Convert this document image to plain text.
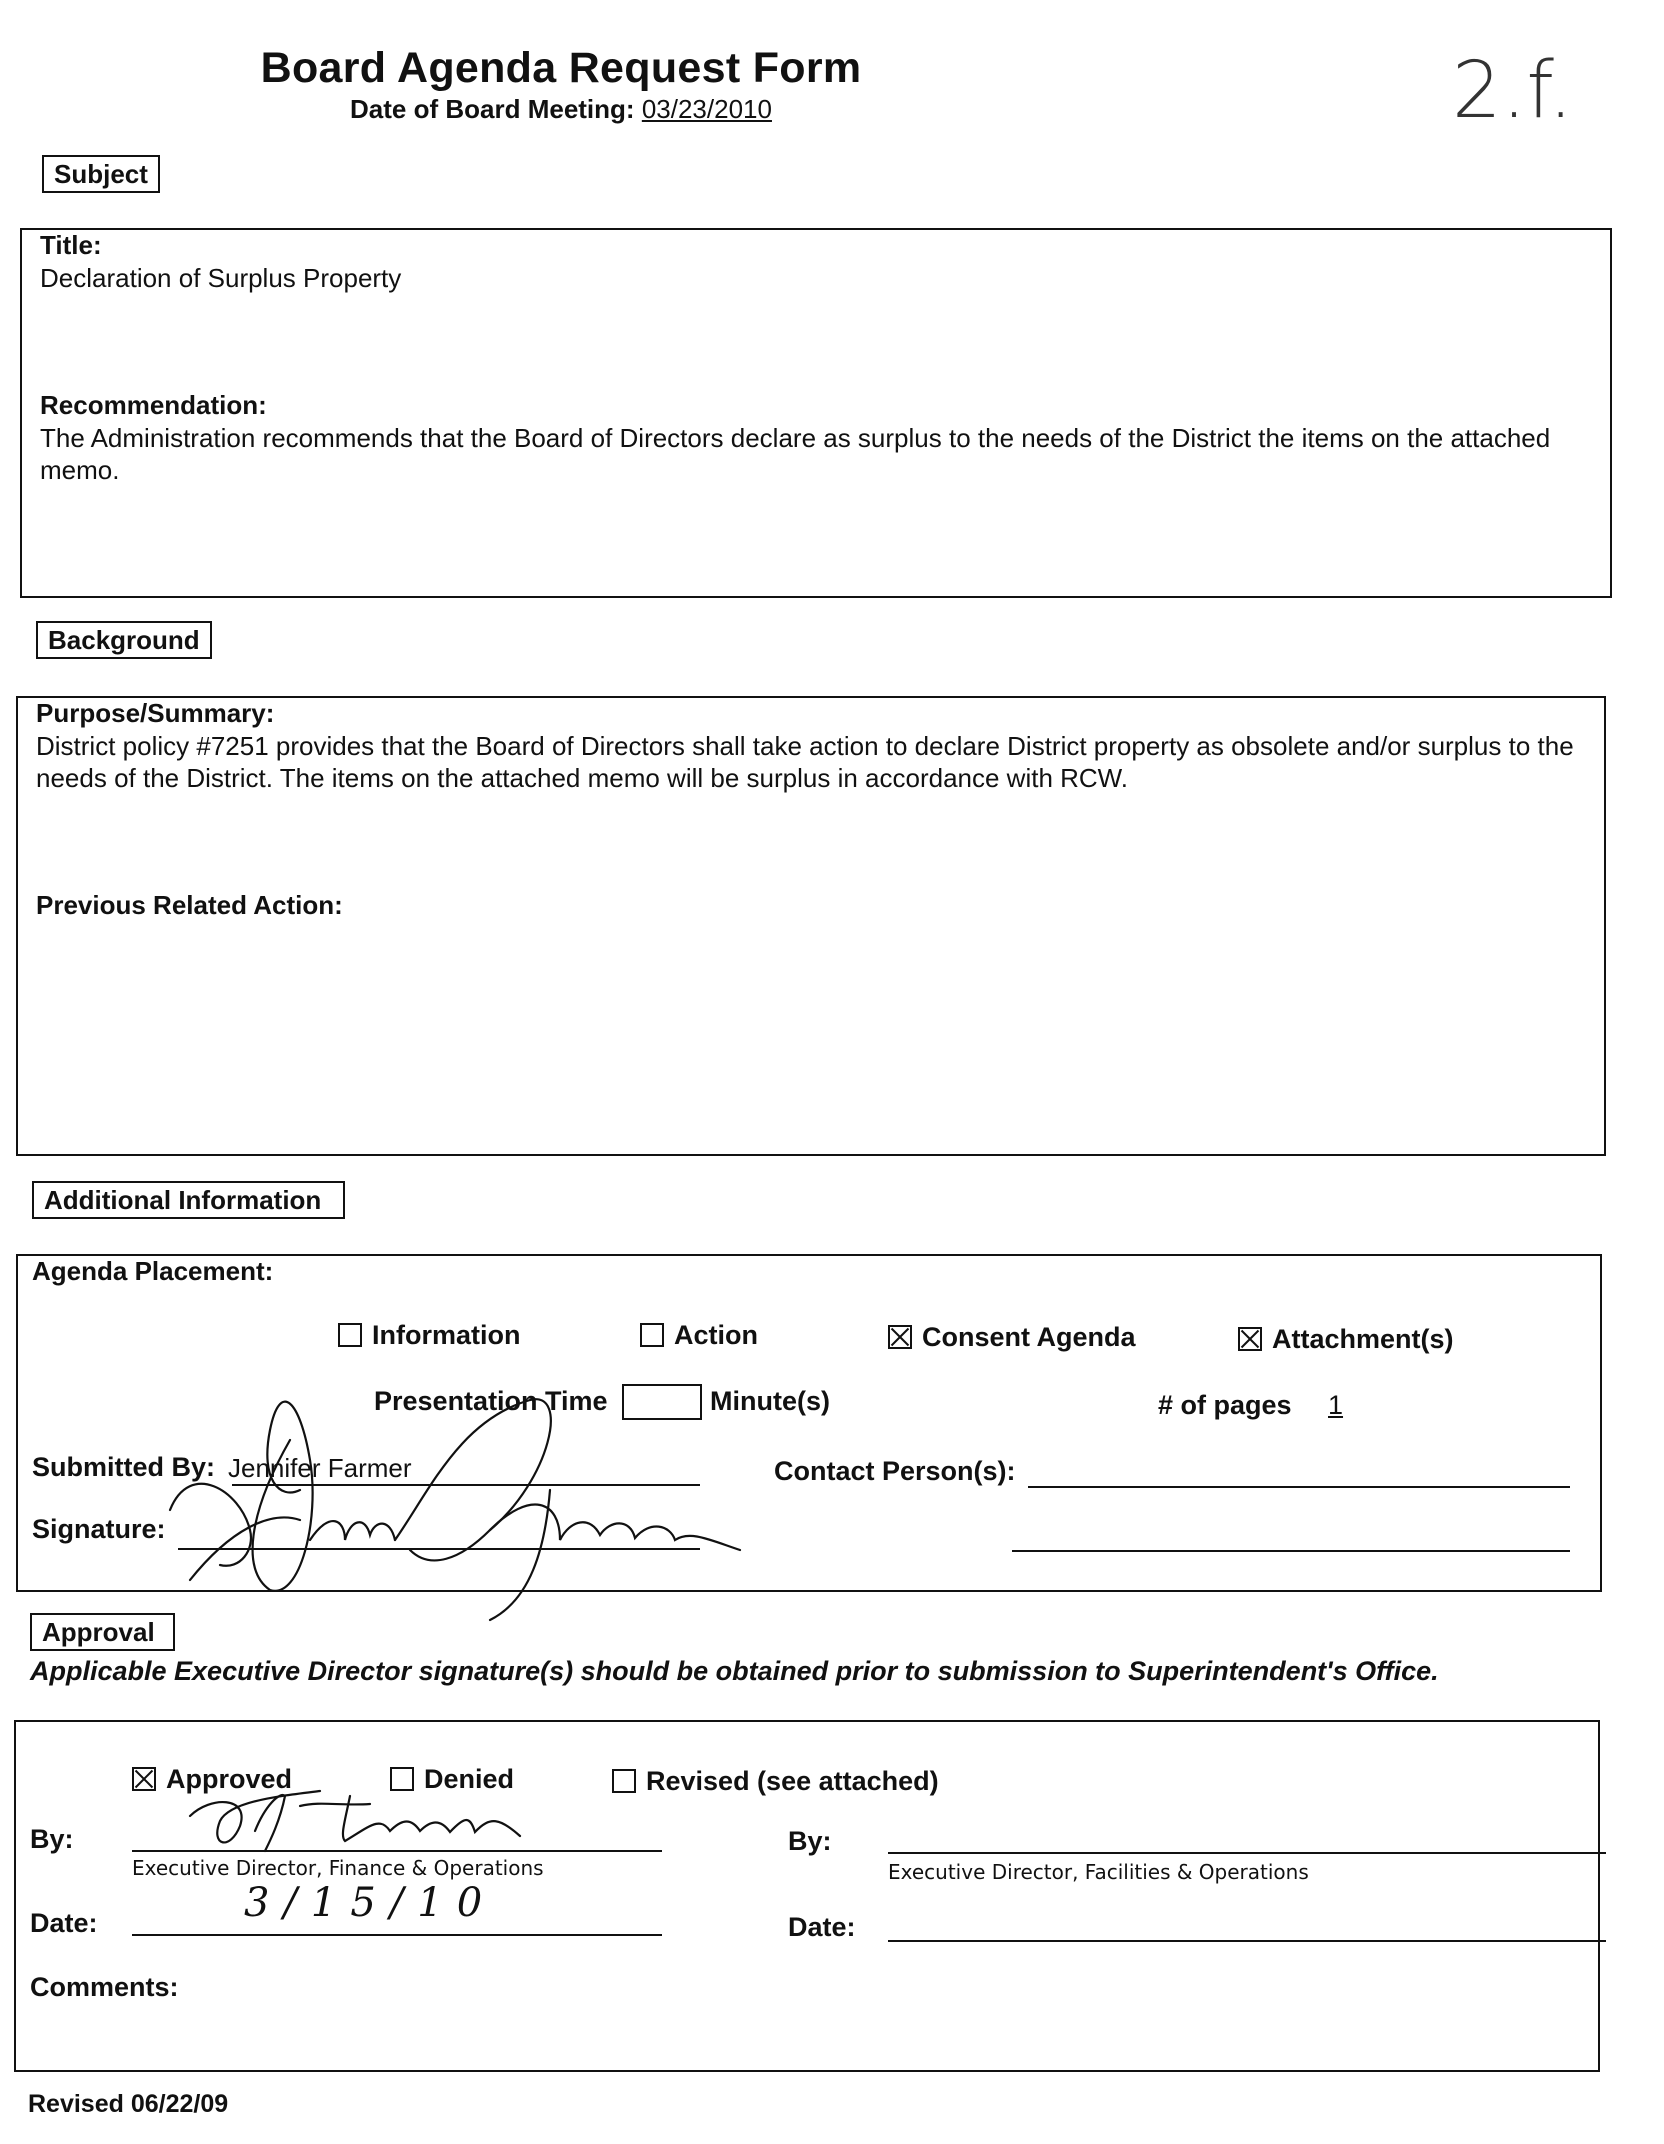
Board Agenda Request Form
Date of Board Meeting: 03/23/2010	2.f.
Subject
Title:
Declaration of Surplus Property
Recommendation:
The Administration recommends that the Board of Directors declare as surplus to the needs of the District the items on the attached memo.
Background
Purpose/Summary:
District policy #7251 provides that the Board of Directors shall take action to declare District property as obsolete and/or surplus to the needs of the District. The items on the attached memo will be surplus in accordance with RCW.
Previous Related Action:
Additional Information
Agenda Placement:
Information	Action	Consent Agenda	Attachment(s)
Presentation Time	Minute(s)	# of pages 1
Submitted By: Jennifer Farmer	Contact Person(s):
Signature:
Approval
Applicable Executive Director signature(s) should be obtained prior to submission to Superintendent's Office.
Approved	Denied	Revised (see attached)
By:
Executive Director, Finance & Operations
By:
Executive Director, Facilities & Operations
Date:	3/15/10
Date:
Comments:
Revised 06/22/09
